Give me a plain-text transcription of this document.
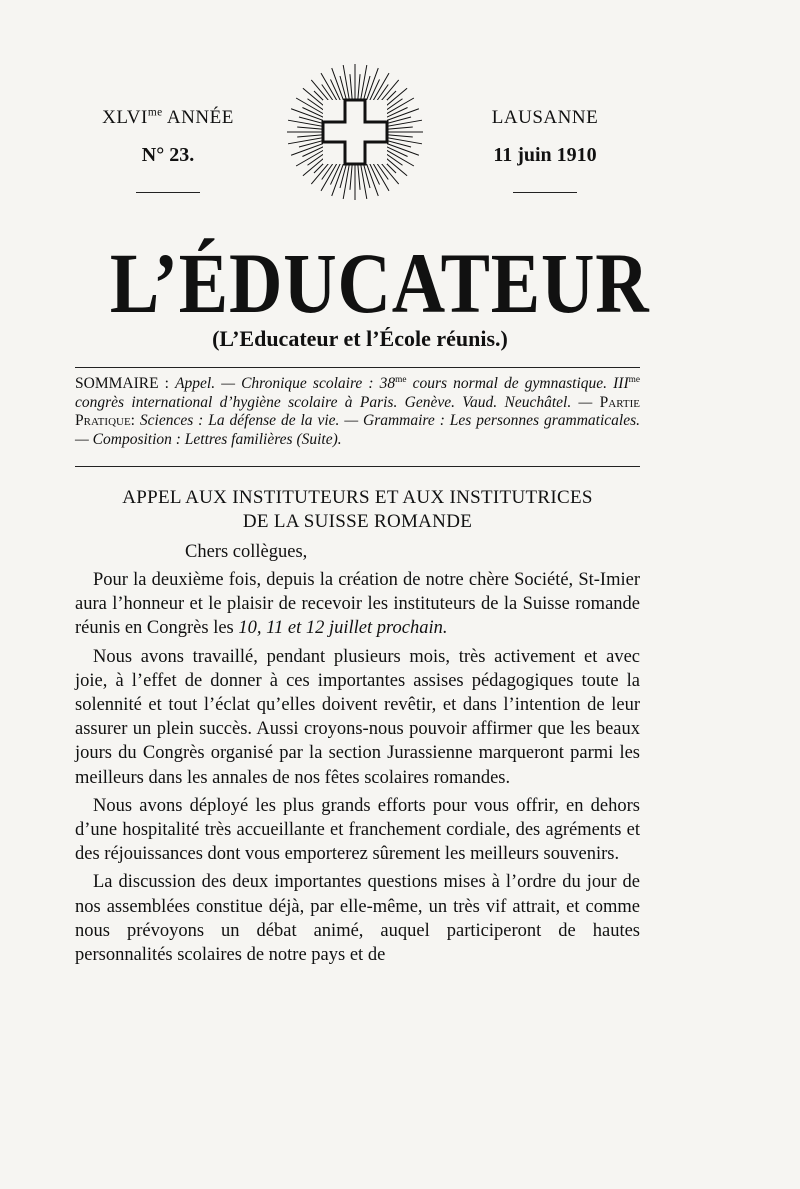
$XLVI^{me}$ ANNÉE
N° 23.
LAUSANNE
11 juin 1910
L’ÉDUCATEUR
(L’Educateur et l’École réunis.)
SOMMAIRE : Appel. — Chronique scolaire : $38^{me}$ cours normal de gymnastique. $III^{me}$ congrès international d’hygiène scolaire à Paris. Genève. Vaud. Neuchâtel. — Partie Pratique: Sciences : La défense de la vie. — Grammaire : Les personnes grammaticales. — Composition : Lettres familières (Suite).
APPEL AUX INSTITUTEURS ET AUX INSTITUTRICES
DE LA SUISSE ROMANDE
Chers collègues,

Pour la deuxième fois, depuis la création de notre chère Société, St-Imier aura l’honneur et le plaisir de recevoir les instituteurs de la Suisse romande réunis en Congrès les 10, 11 et 12 juillet prochain.

Nous avons travaillé, pendant plusieurs mois, très activement et avec joie, à l’effet de donner à ces importantes assises pédagogiques toute la solennité et tout l’éclat qu’elles doivent revêtir, et dans l’intention de leur assurer un plein succès. Aussi croyons-nous pouvoir affirmer que les beaux jours du Congrès organisé par la section Jurassienne marqueront parmi les meilleurs dans les annales de nos fêtes scolaires romandes.

Nous avons déployé les plus grands efforts pour vous offrir, en dehors d’une hospitalité très accueillante et franchement cordiale, des agréments et des réjouissances dont vous emporterez sûrement les meilleurs souvenirs.

La discussion des deux importantes questions mises à l’ordre du jour de nos assemblées constitue déjà, par elle-même, un très vif attrait, et comme nous prévoyons un débat animé, auquel participeront de hautes personnalités scolaires de notre pays et de
